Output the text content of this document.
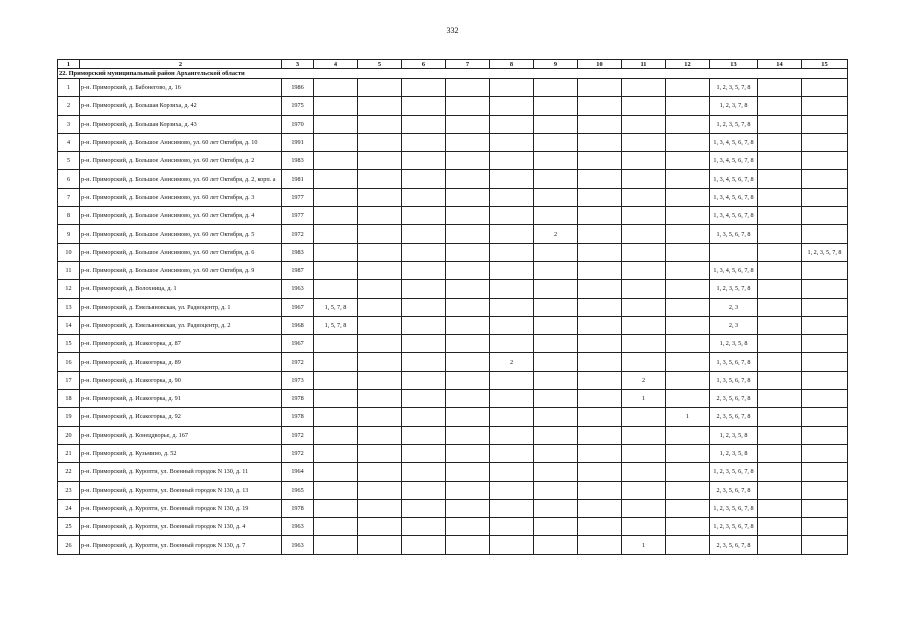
332
1	2	3	4	5	6	7	8	9	10	11	12	13	14	15
22. Приморский муниципальный район Архангельской области														
1	р-н. Приморский, д. Бабонегово, д. 16	1986										1, 2, 3, 5, 7, 8		
2	р-н. Приморский, д. Большая Корзиха, д. 42	1975										1, 2, 3, 7, 8		
3	р-н. Приморский, д. Большая Корзиха, д. 43	1970										1, 2, 3, 5, 7, 8		
4	р-н. Приморский, д. Большое Анисимово, ул. 60 лет Октября, д. 10	1991										1, 3, 4, 5, 6, 7, 8		
5	р-н. Приморский, д. Большое Анисимово, ул. 60 лет Октября, д. 2	1983										1, 3, 4, 5, 6, 7, 8		
6	р-н. Приморский, д. Большое Анисимово, ул. 60 лет Октября, д. 2, корп. а	1981										1, 3, 4, 5, 6, 7, 8		
7	р-н. Приморский, д. Большое Анисимово, ул. 60 лет Октября, д. 3	1977										1, 3, 4, 5, 6, 7, 8		
8	р-н. Приморский, д. Большое Анисимово, ул. 60 лет Октября, д. 4	1977										1, 3, 4, 5, 6, 7, 8		
9	р-н. Приморский, д. Большое Анисимово, ул. 60 лет Октября, д. 5	1972						2				1, 3, 5, 6, 7, 8		
10	р-н. Приморский, д. Большое Анисимово, ул. 60 лет Октября, д. 6	1983												1, 2, 3, 5, 7, 8
11	р-н. Приморский, д. Большое Анисимово, ул. 60 лет Октября, д. 9	1987										1, 3, 4, 5, 6, 7, 8		
12	р-н. Приморский, д. Волохница, д. 1	1963										1, 2, 3, 5, 7, 8		
13	р-н. Приморский, д. Емельяновская, ул. Радиоцентр, д. 1	1967	1, 5, 7, 8									2, 3		
14	р-н. Приморский, д. Емельяновская, ул. Радиоцентр, д. 2	1968	1, 5, 7, 8									2, 3		
15	р-н. Приморский, д. Исакогорка, д. 87	1967										1, 2, 3, 5, 8		
16	р-н. Приморский, д. Исакогорка, д. 89	1972					2					1, 3, 5, 6, 7, 8		
17	р-н. Приморский, д. Исакогорка, д. 90	1973								2		1, 3, 5, 6, 7, 8		
18	р-н. Приморский, д. Исакогорка, д. 91	1978								1		2, 3, 5, 6, 7, 8		
19	р-н. Приморский, д. Исакогорка, д. 92	1978									1	2, 3, 5, 6, 7, 8		
20	р-н. Приморский, д. Конецдворье, д. 167	1972										1, 2, 3, 5, 8		
21	р-н. Приморский, д. Кузьмино, д. 52	1972										1, 2, 3, 5, 8		
22	р-н. Приморский, д. Куропти, ул. Военный городок N 130, д. 11	1964										1, 2, 3, 5, 6, 7, 8		
23	р-н. Приморский, д. Куропти, ул. Военный городок N 130, д. 13	1965										2, 3, 5, 6, 7, 8		
24	р-н. Приморский, д. Куропти, ул. Военный городок N 130, д. 19	1978										1, 2, 3, 5, 6, 7, 8		
25	р-н. Приморский, д. Куропти, ул. Военный городок N 130, д. 4	1963										1, 2, 3, 5, 6, 7, 8		
26	р-н. Приморский, д. Куропти, ул. Военный городок N 130, д. 7	1963								1		2, 3, 5, 6, 7, 8		
